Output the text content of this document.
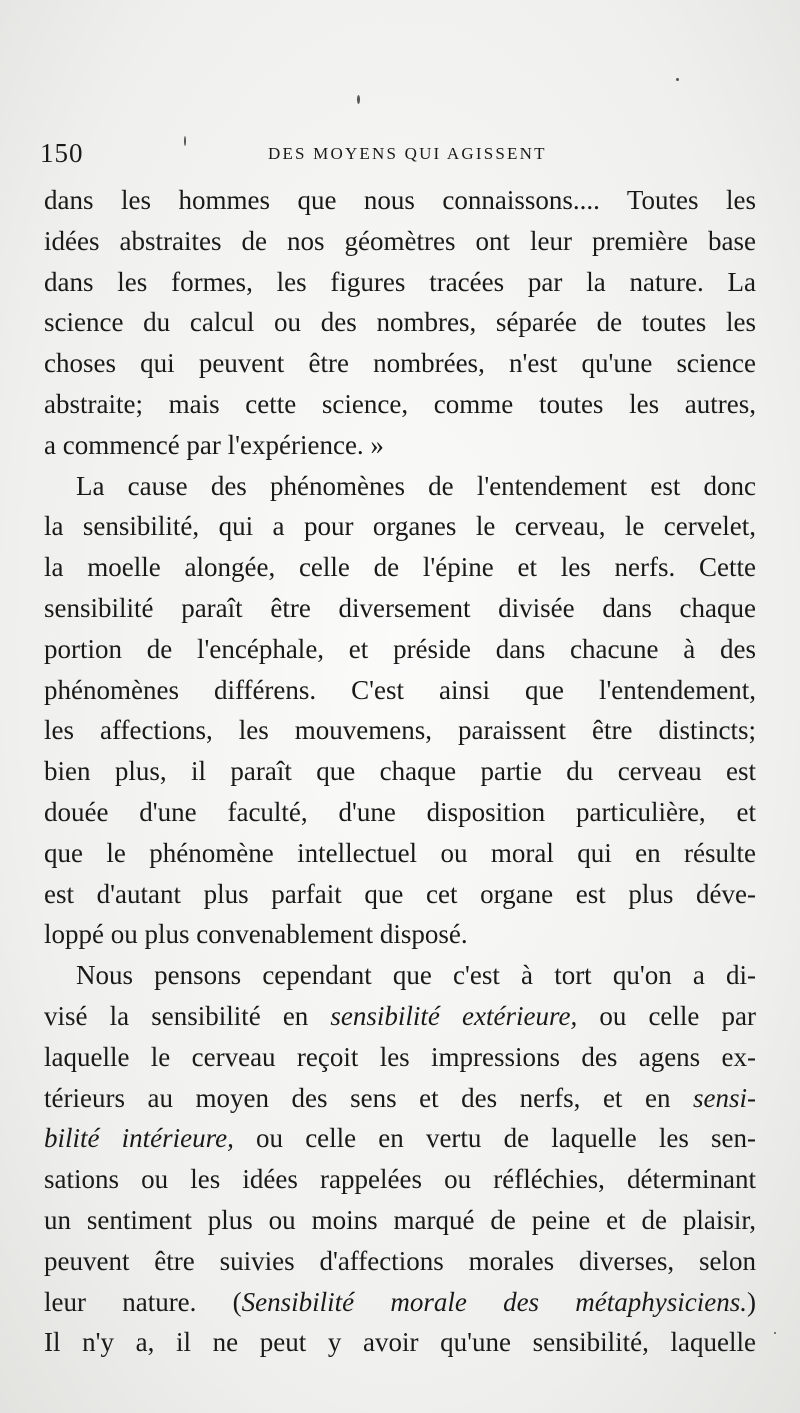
150	DES MOYENS QUI AGISSENT
dans les hommes que nous connaissons.... Toutes les
idées abstraites de nos géomètres ont leur première base
dans les formes, les figures tracées par la nature. La
science du calcul ou des nombres, séparée de toutes les
choses qui peuvent être nombrées, n'est qu'une science
abstraite; mais cette science, comme toutes les autres,
a commencé par l'expérience. »
La cause des phénomènes de l'entendement est donc
la sensibilité, qui a pour organes le cerveau, le cervelet,
la moelle alongée, celle de l'épine et les nerfs. Cette
sensibilité paraît être diversement divisée dans chaque
portion de l'encéphale, et préside dans chacune à des
phénomènes différens. C'est ainsi que l'entendement,
les affections, les mouvemens, paraissent être distincts;
bien plus, il paraît que chaque partie du cerveau est
douée d'une faculté, d'une disposition particulière, et
que le phénomène intellectuel ou moral qui en résulte
est d'autant plus parfait que cet organe est plus déve-
loppé ou plus convenablement disposé.
Nous pensons cependant que c'est à tort qu'on a di-
visé la sensibilité en sensibilité extérieure, ou celle par
laquelle le cerveau reçoit les impressions des agens ex-
térieurs au moyen des sens et des nerfs, et en sensi-
bilité intérieure, ou celle en vertu de laquelle les sen-
sations ou les idées rappelées ou réfléchies, déterminant
un sentiment plus ou moins marqué de peine et de plaisir,
peuvent être suivies d'affections morales diverses, selon
leur nature. (Sensibilité morale des métaphysiciens.)
Il n'y a, il ne peut y avoir qu'une sensibilité, laquelle
